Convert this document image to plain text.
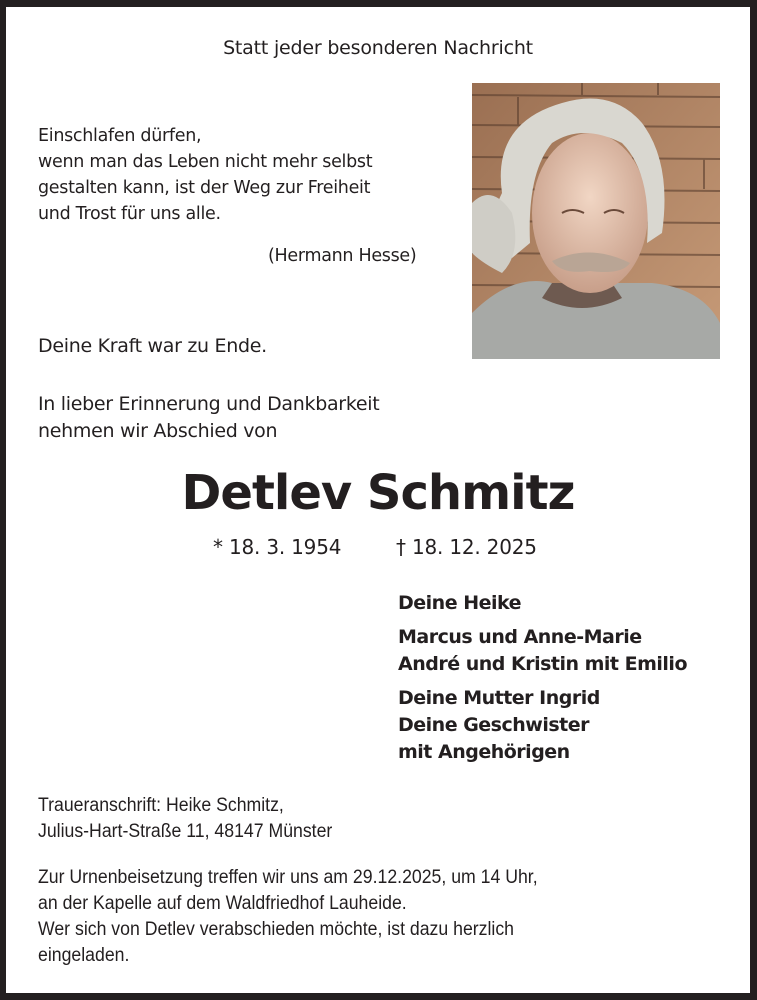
Statt jeder besonderen Nachricht
Einschlafen dürfen,
wenn man das Leben nicht mehr selbst
gestalten kann, ist der Weg zur Freiheit
und Trost für uns alle.
(Hermann Hesse)
Deine Kraft war zu Ende.
In lieber Erinnerung und Dankbarkeit
nehmen wir Abschied von
Detlev Schmitz
* 18. 3. 1954	† 18. 12. 2025
Deine Heike
Marcus und Anne-Marie
André und Kristin mit Emilio
Deine Mutter Ingrid
Deine Geschwister
mit Angehörigen
Traueranschrift: Heike Schmitz,
Julius-Hart-Straße 11, 48147 Münster
Zur Urnenbeisetzung treffen wir uns am 29.12.2025, um 14 Uhr,
an der Kapelle auf dem Waldfriedhof Lauheide.
Wer sich von Detlev verabschieden möchte, ist dazu herzlich
eingeladen.
